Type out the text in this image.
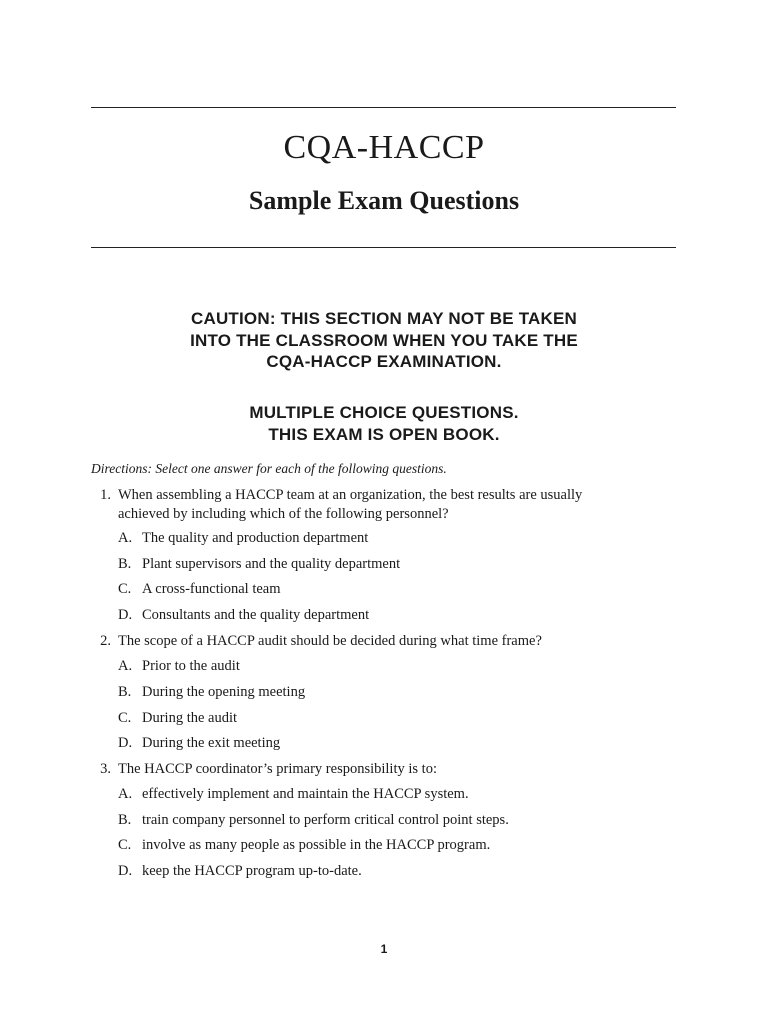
CQA-HACCP
Sample Exam Questions
CAUTION: THIS SECTION MAY NOT BE TAKEN
INTO THE CLASSROOM WHEN YOU TAKE THE
CQA-HACCP EXAMINATION.
MULTIPLE CHOICE QUESTIONS.
THIS EXAM IS OPEN BOOK.
Directions: Select one answer for each of the following questions.
1. When assembling a HACCP team at an organization, the best results are usually
achieved by including which of the following personnel?
A. The quality and production department
B. Plant supervisors and the quality department
C. A cross-functional team
D. Consultants and the quality department
2. The scope of a HACCP audit should be decided during what time frame?
A. Prior to the audit
B. During the opening meeting
C. During the audit
D. During the exit meeting
3. The HACCP coordinator’s primary responsibility is to:
A. effectively implement and maintain the HACCP system.
B. train company personnel to perform critical control point steps.
C. involve as many people as possible in the HACCP program.
D. keep the HACCP program up-to-date.
1
